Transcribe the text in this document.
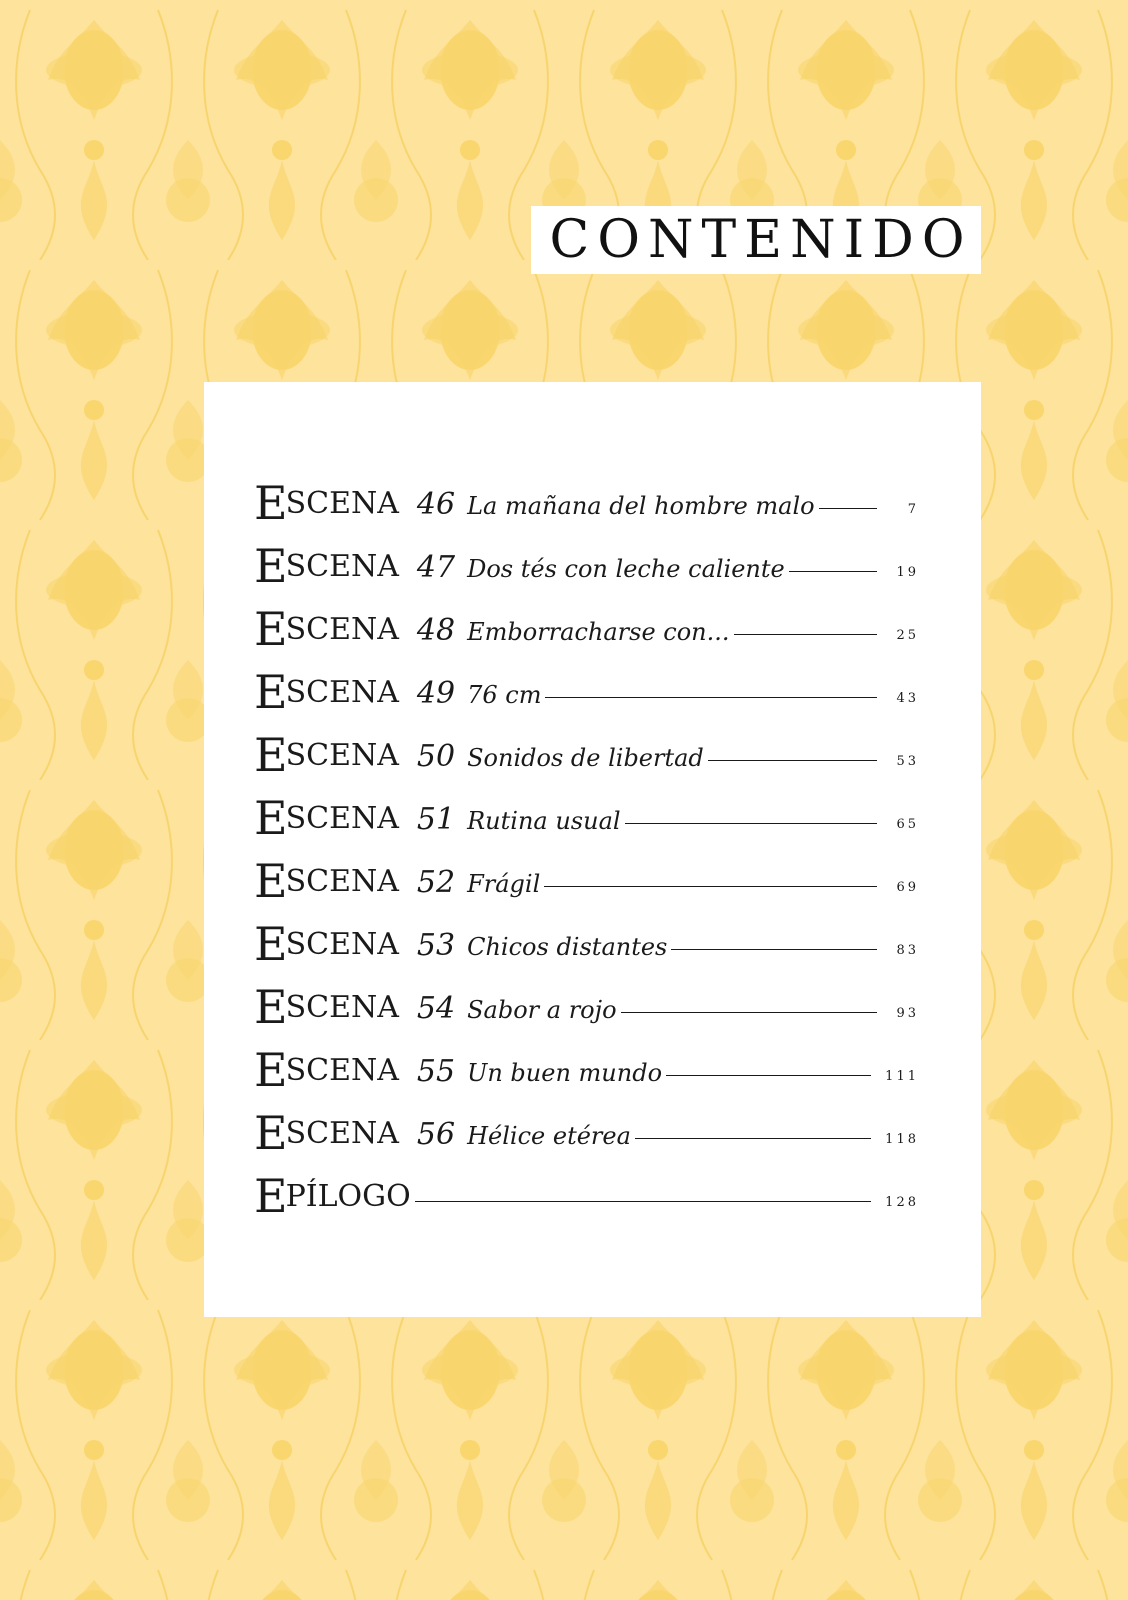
CONTENIDO
ESCENA 46 La mañana del hombre malo	7
ESCENA 47 Dos tés con leche caliente	19
ESCENA 48 Emborracharse con...	25
ESCENA 49 76 cm	43
ESCENA 50 Sonidos de libertad	53
ESCENA 51 Rutina usual	65
ESCENA 52 Frágil	69
ESCENA 53 Chicos distantes	83
ESCENA 54 Sabor a rojo	93
ESCENA 55 Un buen mundo	111
ESCENA 56 Hélice etérea	118
EPÍLOGO	128
